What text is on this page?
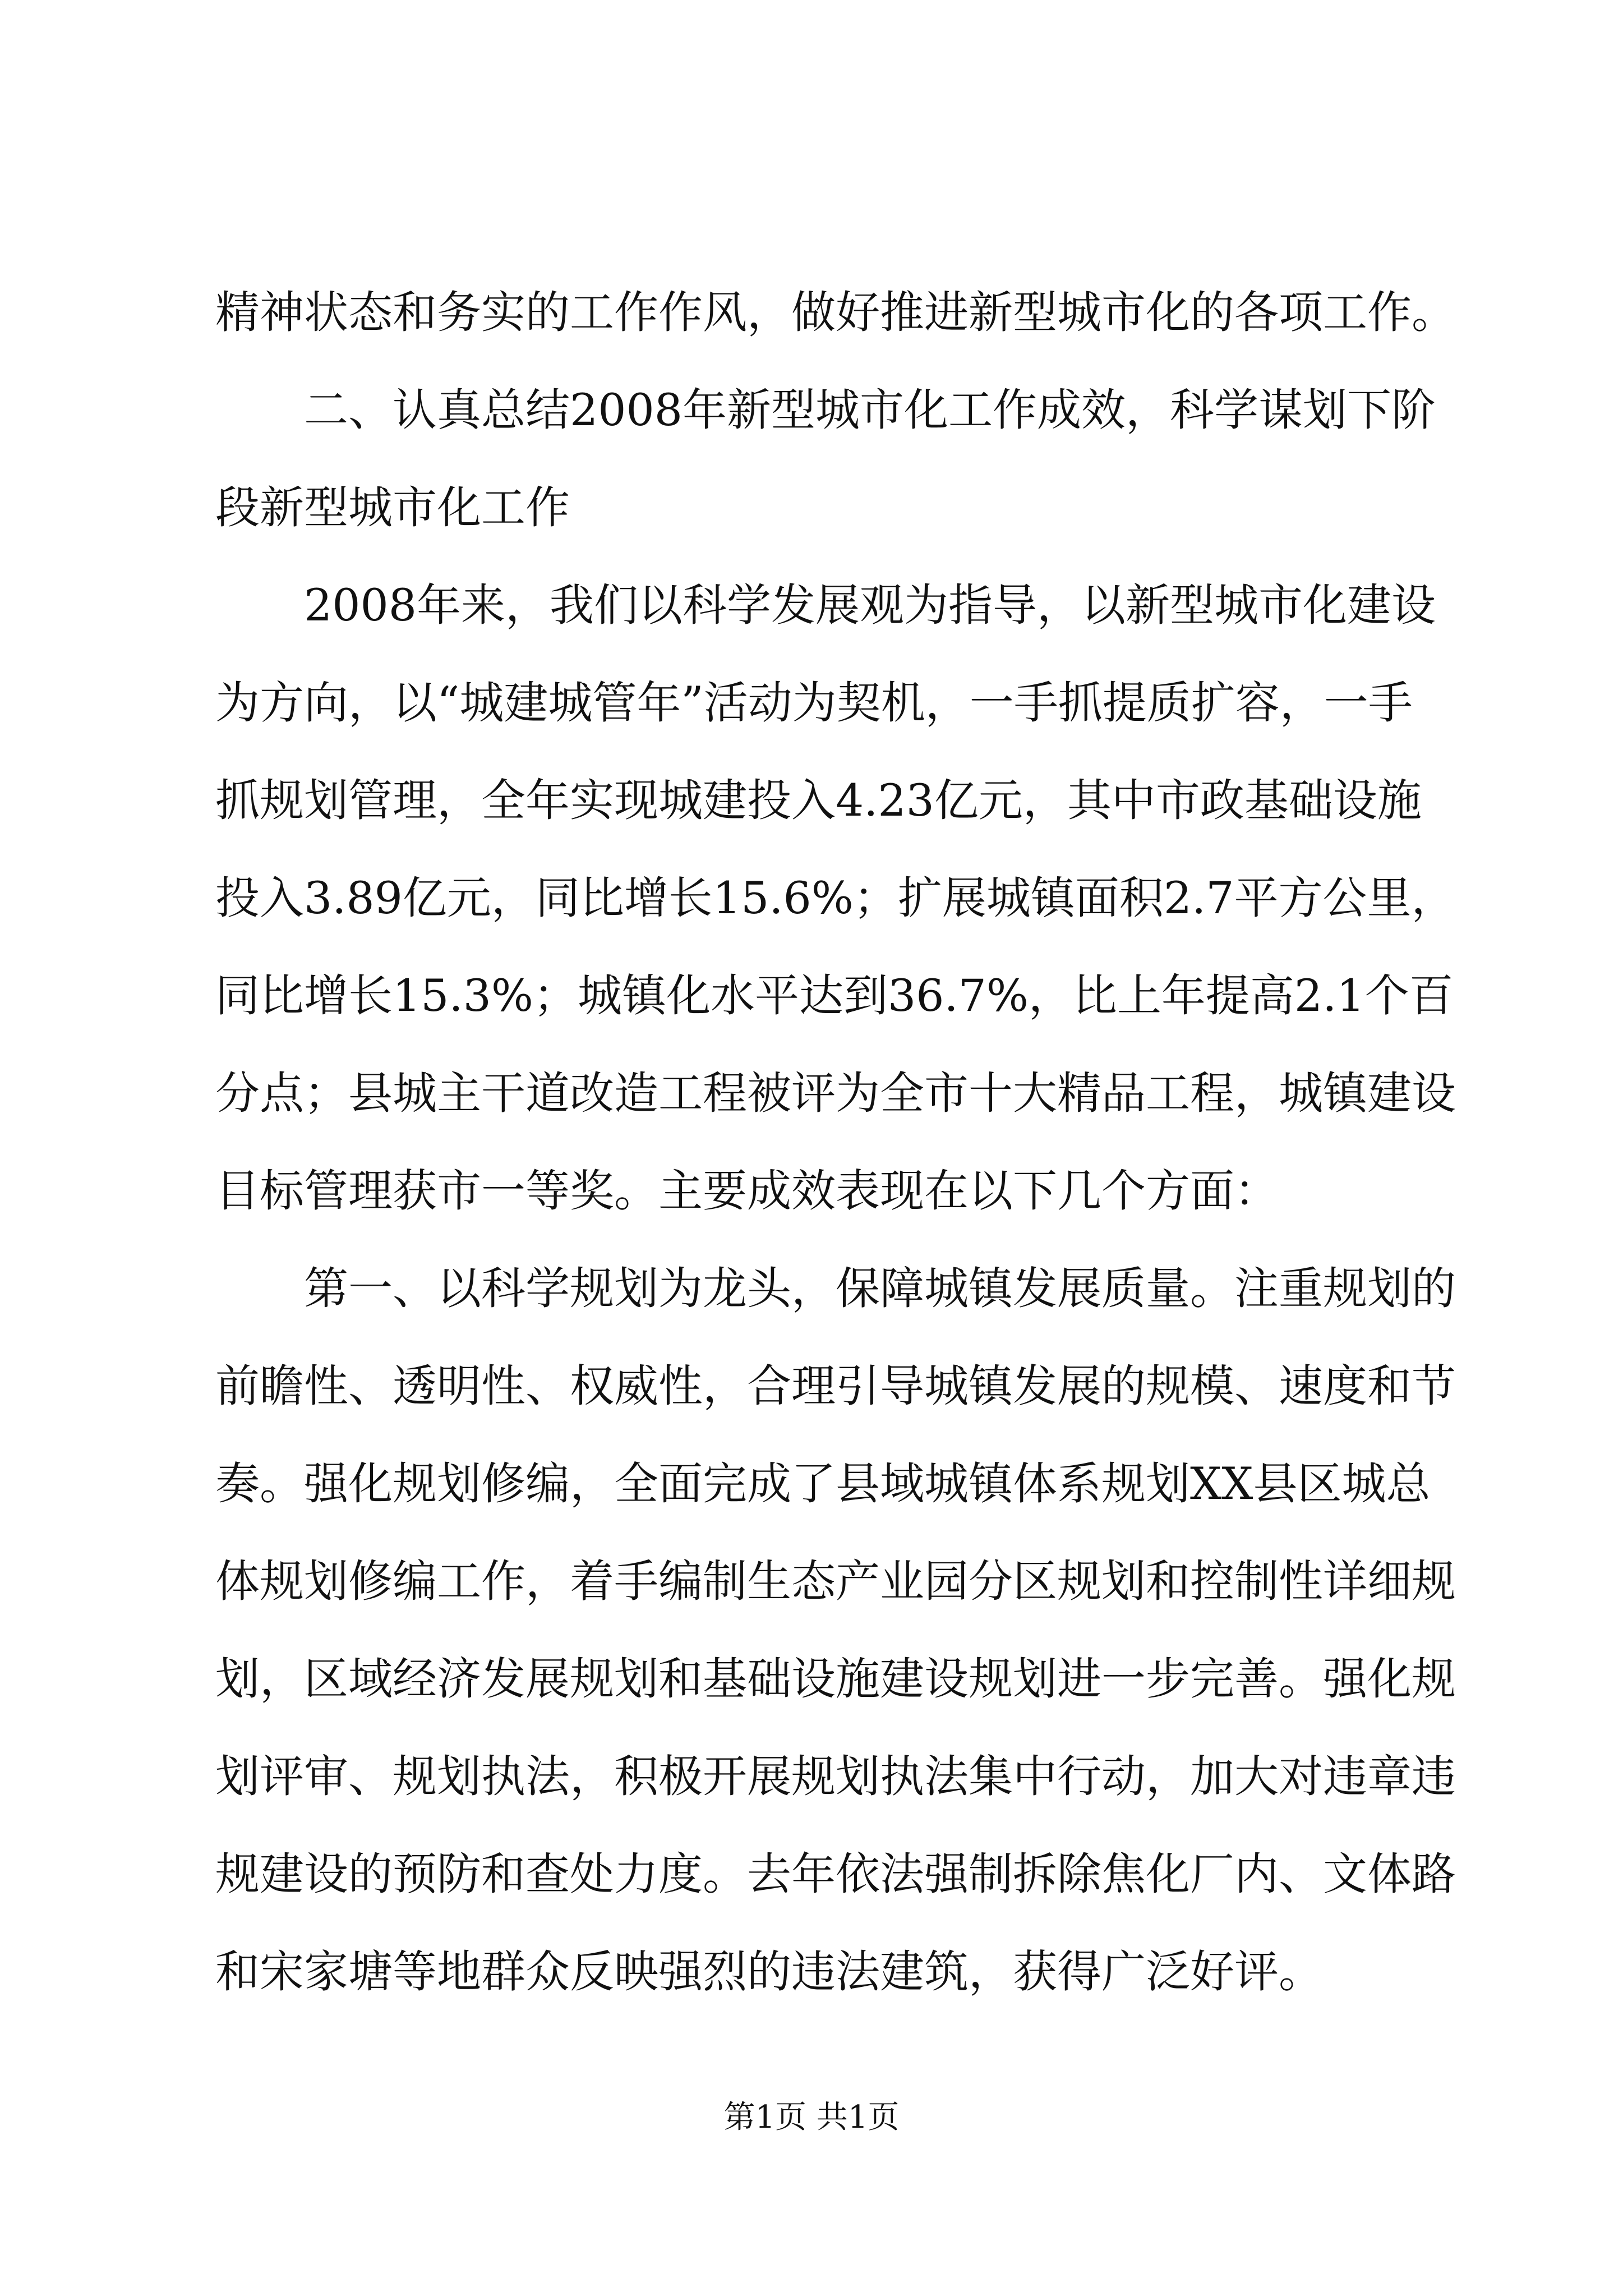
精神状态和务实的工作作风，做好推进新型城市化的各项工作。
　　二、认真总结2008年新型城市化工作成效，科学谋划下阶
段新型城市化工作
　　2008年来，我们以科学发展观为指导，以新型城市化建设
为方向，以“城建城管年”活动为契机，一手抓提质扩容，一手
抓规划管理，全年实现城建投入4.23亿元，其中市政基础设施
投入3.89亿元，同比增长15.6%；扩展城镇面积2.7平方公里，
同比增长15.3%；城镇化水平达到36.7%，比上年提高2.1个百
分点；县城主干道改造工程被评为全市十大精品工程，城镇建设
目标管理获市一等奖。主要成效表现在以下几个方面：
　　第一、以科学规划为龙头，保障城镇发展质量。注重规划的
前瞻性、透明性、权威性，合理引导城镇发展的规模、速度和节
奏。强化规划修编，全面完成了县域城镇体系规划XX县区城总
体规划修编工作，着手编制生态产业园分区规划和控制性详细规
划，区域经济发展规划和基础设施建设规划进一步完善。强化规
划评审、规划执法，积极开展规划执法集中行动，加大对违章违
规建设的预防和查处力度。去年依法强制拆除焦化厂内、文体路
和宋家塘等地群众反映强烈的违法建筑，获得广泛好评。
第1页 共1页
